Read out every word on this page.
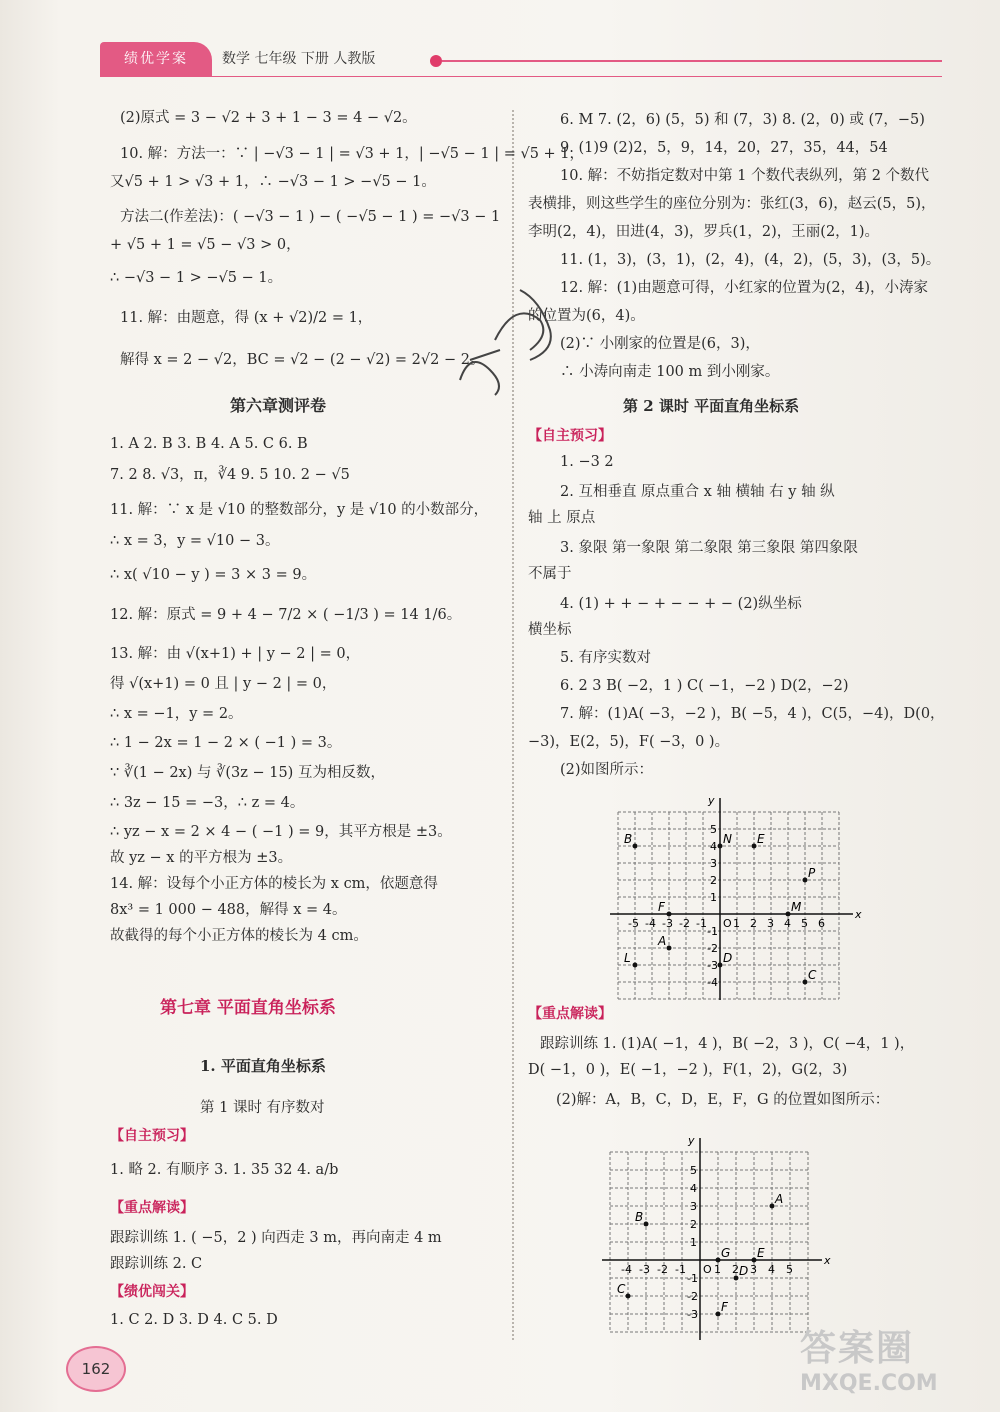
绩优学案	数学 七年级 下册 人教版
(2)原式 = 3 − √2 + 3 + 1 − 3 = 4 − √2。
10. 解：方法一：∵ | −√3 − 1 | = √3 + 1，| −√5 − 1 | = √5 + 1，
又√5 + 1 > √3 + 1，∴ −√3 − 1 > −√5 − 1。
方法二(作差法)：( −√3 − 1 ) − ( −√5 − 1 ) = −√3 − 1
+ √5 + 1 = √5 − √3 > 0，
∴ −√3 − 1 > −√5 − 1。
11. 解：由题意，得 (x + √2)/2 = 1，
解得 x = 2 − √2，BC = √2 − (2 − √2) = 2√2 − 2。
第六章测评卷
1. A 2. B 3. B 4. A 5. C 6. B
7. 2 8. √3，π，∛4 9. 5 10. 2 − √5
11. 解：∵ x 是 √10 的整数部分，y 是 √10 的小数部分，
∴ x = 3，y = √10 − 3。
∴ x( √10 − y ) = 3 × 3 = 9。
12. 解：原式 = 9 + 4 − 7/2 × ( −1/3 ) = 14 1/6。
13. 解：由 √(x+1) + | y − 2 | = 0，
得 √(x+1) = 0 且 | y − 2 | = 0，
∴ x = −1，y = 2。
∴ 1 − 2x = 1 − 2 × ( −1 ) = 3。
∵ ∛(1 − 2x) 与 ∛(3z − 15) 互为相反数，
∴ 3z − 15 = −3，∴ z = 4。
∴ yz − x = 2 × 4 − ( −1 ) = 9，其平方根是 ±3。
故 yz − x 的平方根为 ±3。
14. 解：设每个小正方体的棱长为 x cm，依题意得
8x³ = 1 000 − 488，解得 x = 4。
故截得的每个小正方体的棱长为 4 cm。
第七章 平面直角坐标系
1. 平面直角坐标系
第 1 课时 有序数对
【自主预习】
1. 略 2. 有顺序 3. 1. 35 32 4. a/b
【重点解读】
跟踪训练 1. ( −5，2 ) 向西走 3 m，再向南走 4 m
跟踪训练 2. C
【绩优闯关】
1. C 2. D 3. D 4. C 5. D
6. M 7. (2，6) (5，5) 和 (7，3) 8. (2，0) 或 (7，−5)
9. (1)9 (2)2，5，9，14，20，27，35，44，54
10. 解：不妨指定数对中第 1 个数代表纵列，第 2 个数代
表横排，则这些学生的座位分别为：张红(3，6)，赵云(5，5)，
李明(2，4)，田进(4，3)，罗兵(1，2)，王丽(2，1)。
11. (1，3)，(3，1)，(2，4)，(4，2)，(5，3)，(3，5)。
12. 解：(1)由题意可得，小红家的位置为(2，4)，小涛家
的位置为(6，4)。
(2)∵ 小刚家的位置是(6，3)，
∴ 小涛向南走 100 m 到小刚家。
第 2 课时 平面直角坐标系
【自主预习】
1. −3 2
2. 互相垂直 原点重合 x 轴 横轴 右 y 轴 纵
轴 上 原点
3. 象限 第一象限 第二象限 第三象限 第四象限
不属于
4. (1) + + − + − − + − (2)纵坐标
横坐标
5. 有序实数对
6. 2 3 B( −2，1 ) C( −1，−2 ) D(2，−2)
7. 解：(1)A( −3，−2 )，B( −5，4 )，C(5，−4)，D(0，
−3)，E(2，5)，F( −3，0 )。
(2)如图所示：
【重点解读】
跟踪训练 1. (1)A( −1，4 )，B( −2，3 )，C( −4，1 )，
D( −1，0 )，E( −1，−2 )，F(1，2)，G(2，3)
(2)解：A，B，C，D，E，F，G 的位置如图所示：
x
y
O
-5 -4 -3 -2 -1 1 2 3 4 5 6
5
4
3
2
1
-1
-2
-3
-4
B	N E
P
F	M
A
L	D
C
x
y
O
-4 -3 -2 -1	1 2 3 4 5
5
4
3
2
1
-1
-2
-3
A
B
G E
D
C
F
162	答案圈
MXQE.COM
